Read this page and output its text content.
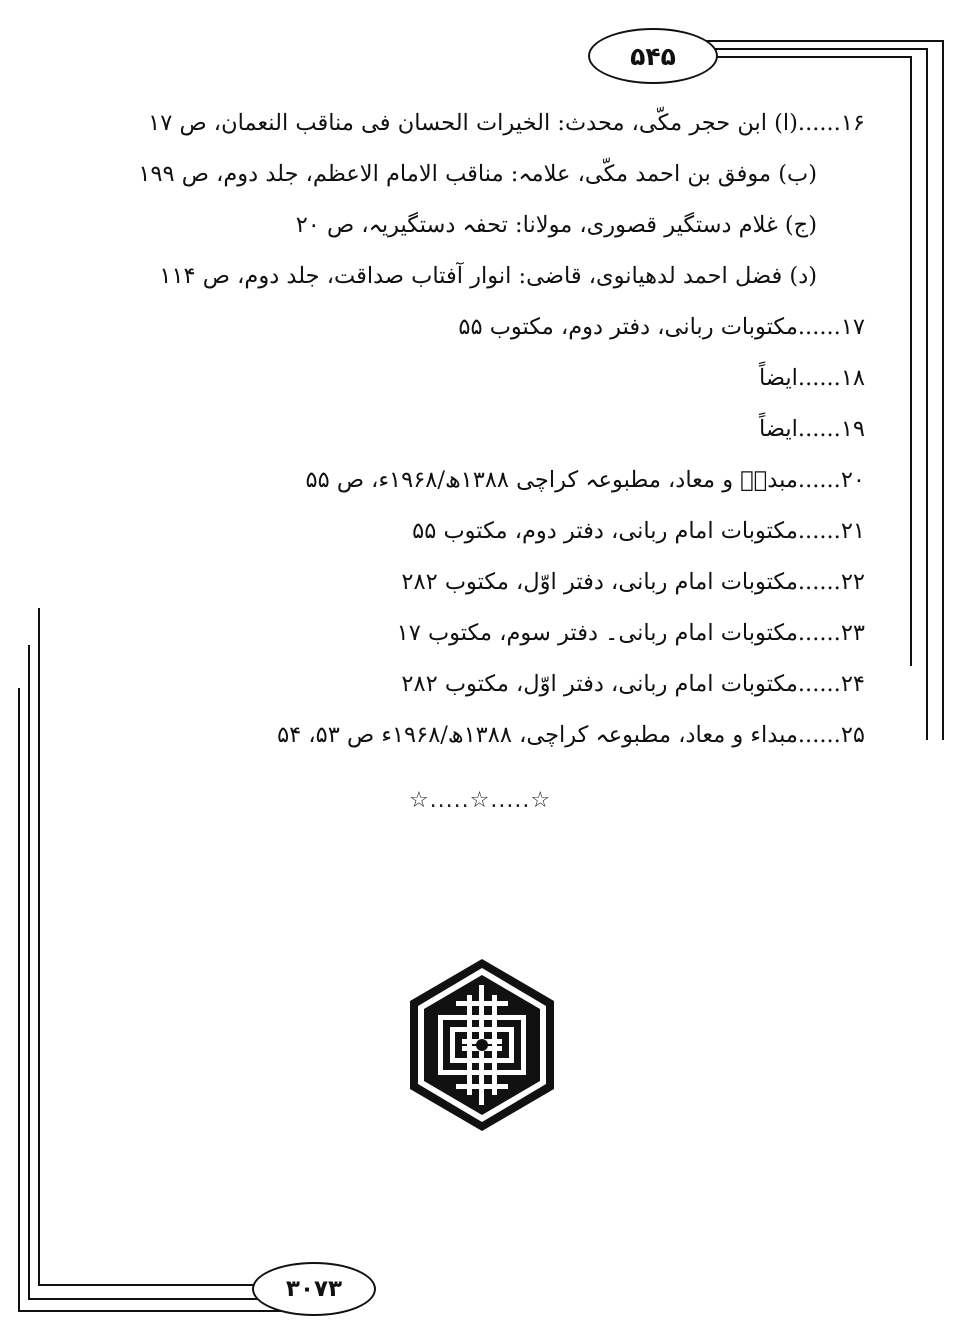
۵۴۵
۱۶......(ا) ابن حجر مکّی، محدث: الخیرات الحسان فی مناقب النعمان، ص ۱۷
(ب) موفق بن احمد مکّی، علامہ: مناقب الامام الاعظم، جلد دوم، ص ۱۹۹
(ج) غلام دستگیر قصوری، مولانا: تحفہ دستگیریہ، ص ۲۰
(د) فضل احمد لدھیانوی، قاضی: انوار آفتاب صداقت، جلد دوم، ص ۱۱۴
۱۷......مکتوبات ربانی، دفتر دوم، مکتوب ۵۵
۱۸......ایضاً
۱۹......ایضاً
۲۰......مبداؑ و معاد، مطبوعہ کراچی ۱۳۸۸ھ/۱۹۶۸ء، ص ۵۵
۲۱......مکتوبات امام ربانی، دفتر دوم، مکتوب ۵۵
۲۲......مکتوبات امام ربانی، دفتر اوّل، مکتوب ۲۸۲
۲۳......مکتوبات امام ربانی۔ دفتر سوم، مکتوب ۱۷
۲۴......مکتوبات امام ربانی، دفتر اوّل، مکتوب ۲۸۲
۲۵......مبداء و معاد، مطبوعہ کراچی، ۱۳۸۸ھ/۱۹۶۸ء ص ۵۳، ۵۴
☆.....☆.....☆
۳۰۷۳
